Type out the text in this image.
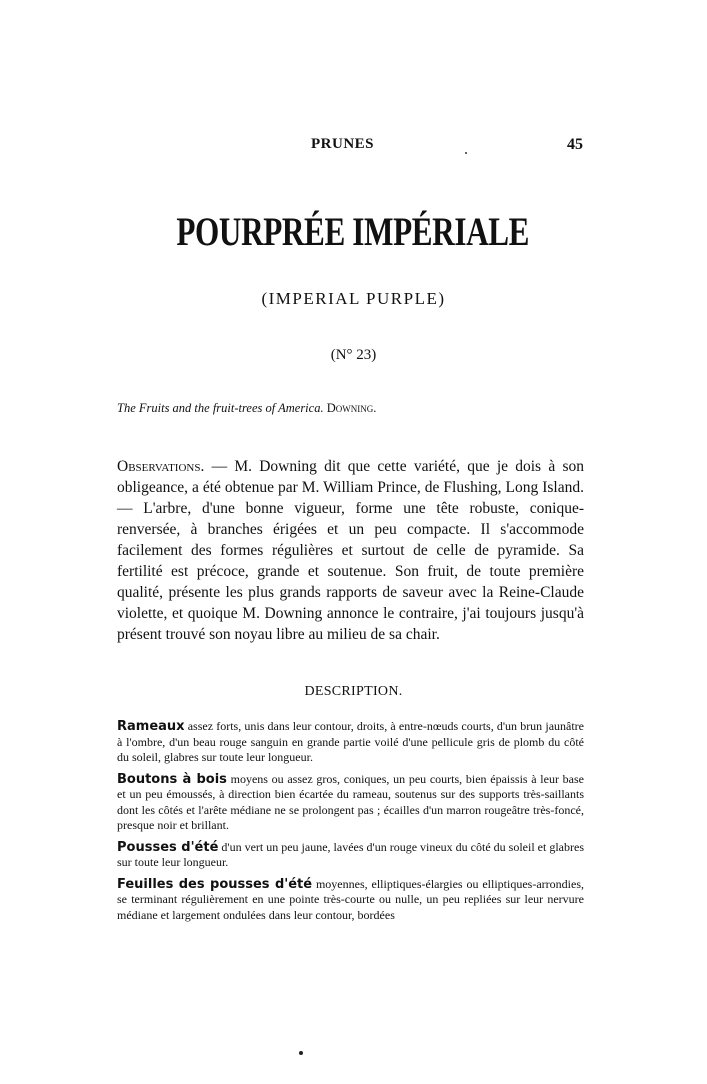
PRUNES	45
POURPRÉE IMPÉRIALE
(IMPERIAL PURPLE)
(N° 23)
The Fruits and the fruit-trees of America. Downing.
Observations. — M. Downing dit que cette variété, que je dois à son obligeance, a été obtenue par M. William Prince, de Flushing, Long Island. — L'arbre, d'une bonne vigueur, forme une tête robuste, conique-renversée, à branches érigées et un peu compacte. Il s'accommode facilement des formes régulières et surtout de celle de pyramide. Sa fertilité est précoce, grande et soutenue. Son fruit, de toute première qualité, présente les plus grands rapports de saveur avec la Reine-Claude violette, et quoique M. Downing annonce le contraire, j'ai toujours jusqu'à présent trouvé son noyau libre au milieu de sa chair.
DESCRIPTION.

Rameaux assez forts, unis dans leur contour, droits, à entre-nœuds courts, d'un brun jaunâtre à l'ombre, d'un beau rouge sanguin en grande partie voilé d'une pellicule gris de plomb du côté du soleil, glabres sur toute leur longueur.

Boutons à bois moyens ou assez gros, coniques, un peu courts, bien épaissis à leur base et un peu émoussés, à direction bien écartée du rameau, soutenus sur des supports très-saillants dont les côtés et l'arête médiane ne se prolongent pas ; écailles d'un marron rougeâtre très-foncé, presque noir et brillant.

Pousses d'été d'un vert un peu jaune, lavées d'un rouge vineux du côté du soleil et glabres sur toute leur longueur.

Feuilles des pousses d'été moyennes, elliptiques-élargies ou elliptiques-arrondies, se terminant régulièrement en une pointe très-courte ou nulle, un peu repliées sur leur nervure médiane et largement ondulées dans leur contour, bordées
